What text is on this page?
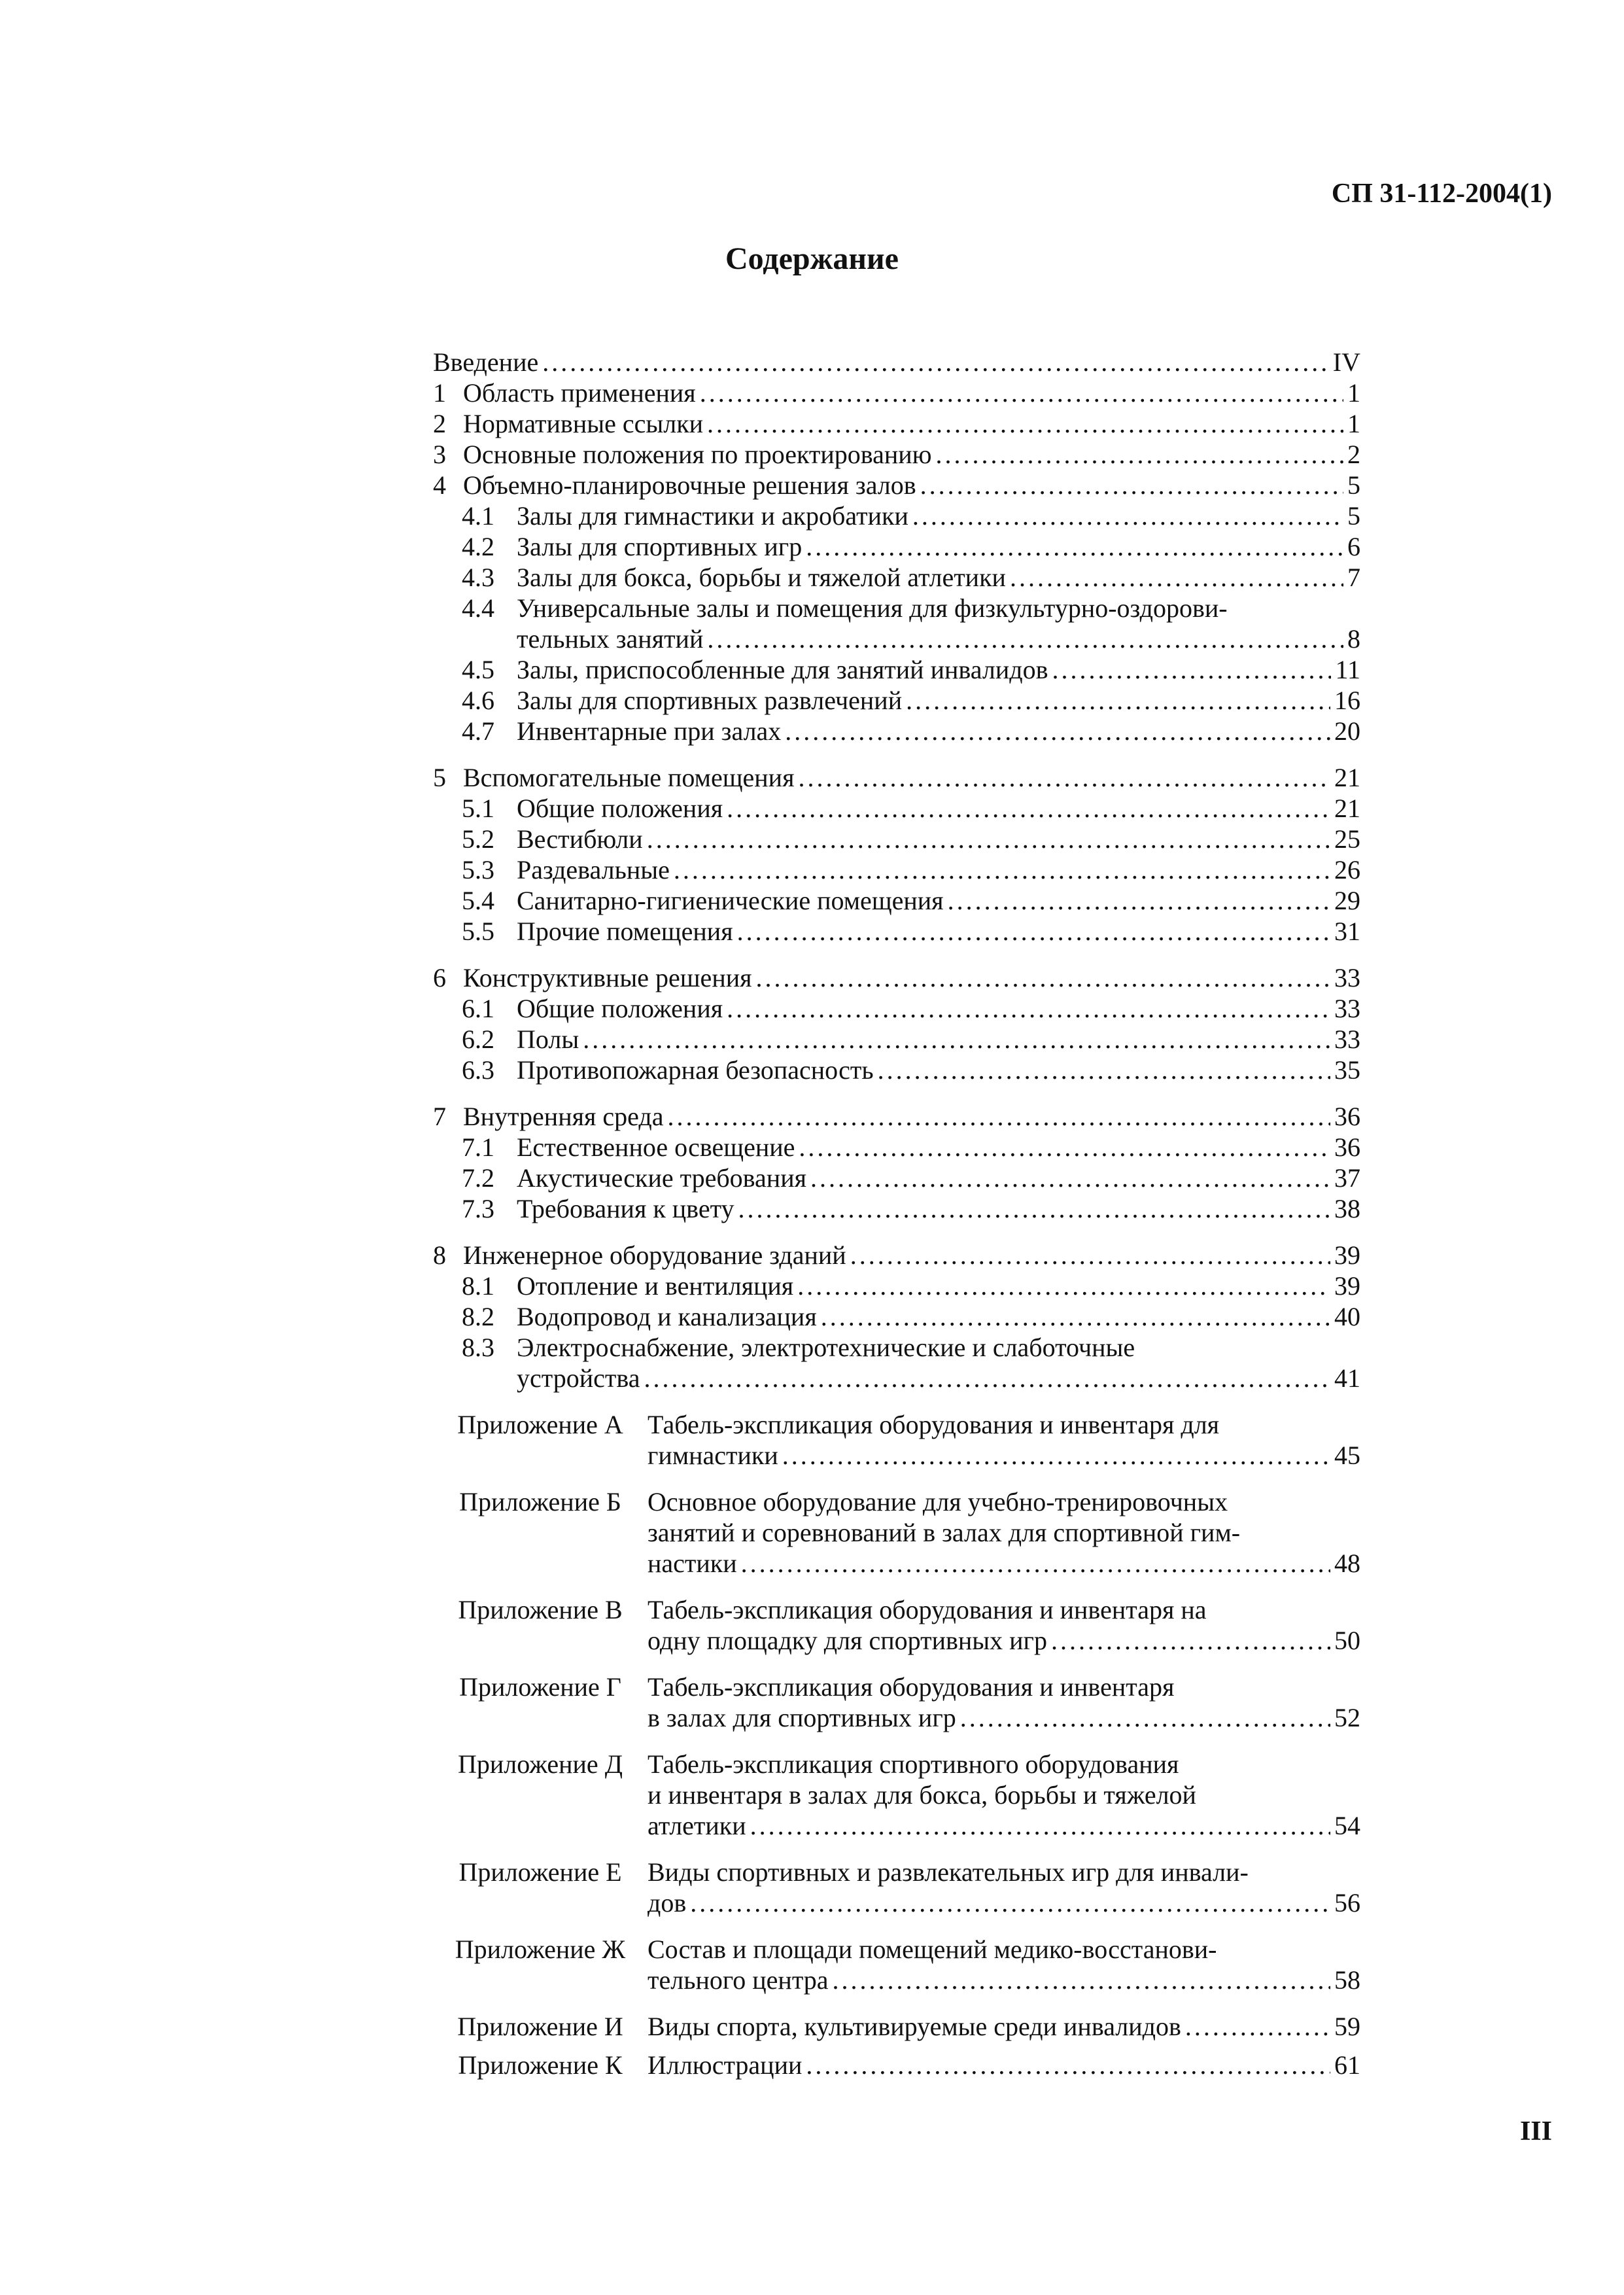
СП 31-112-2004(1)
Содержание
Введение . . .	IV
1 Область применения . . .	1
2 Нормативные ссылки . . .	1
3 Основные положения по проектированию . . .	2
4 Объемно-планировочные решения залов . . .	5
4.1 Залы для гимнастики и акробатики . . .	5
4.2 Залы для спортивных игр . . .	6
4.3 Залы для бокса, борьбы и тяжелой атлетики . . .	7
4.4 Универсальные залы и помещения для физкультурно-оздорови-
тельных занятий . . .	8
4.5 Залы, приспособленные для занятий инвалидов . . .	11
4.6 Залы для спортивных развлечений . . .	16
4.7 Инвентарные при залах . . .	20
5 Вспомогательные помещения . . .	21
5.1 Общие положения . . .	21
5.2 Вестибюли . . .	25
5.3 Раздевальные . . .	26
5.4 Санитарно-гигиенические помещения . . .	29
5.5 Прочие помещения . . .	31
6 Конструктивные решения . . .	33
6.1 Общие положения . . .	33
6.2 Полы . . .	33
6.3 Противопожарная безопасность . . .	35
7 Внутренняя среда . . .	36
7.1 Естественное освещение . . .	36
7.2 Акустические требования . . .	37
7.3 Требования к цвету . . .	38
8 Инженерное оборудование зданий . . .	39
8.1 Отопление и вентиляция . . .	39
8.2 Водопровод и канализация . . .	40
8.3 Электроснабжение, электротехнические и слаботочные
устройства . . .	41
Приложение А Табель-экспликация оборудования и инвентаря для
гимнастики . . .	45
Приложение Б	Основное оборудование для учебно-тренировочных
занятий и соревнований в залах для спортивной гим-
настики . . .	48
Приложение В Табель-экспликация оборудования и инвентаря на
одну площадку для спортивных игр . . .	50
Приложение Г	Табель-экспликация оборудования и инвентаря
в залах для спортивных игр . . .	52
Приложение Д Табель-экспликация спортивного оборудования
и инвентаря в залах для бокса, борьбы и тяжелой
атлетики . . .	54
Приложение Е Виды спортивных и развлекательных игр для инвали-
дов . . .	56
Приложение Ж Состав и площади помещений медико-восстанови-
тельного центра . . .	58
Приложение И Виды спорта, культивируемые среди инвалидов . . .	59
Приложение К Иллюстрации . . .	61
III
